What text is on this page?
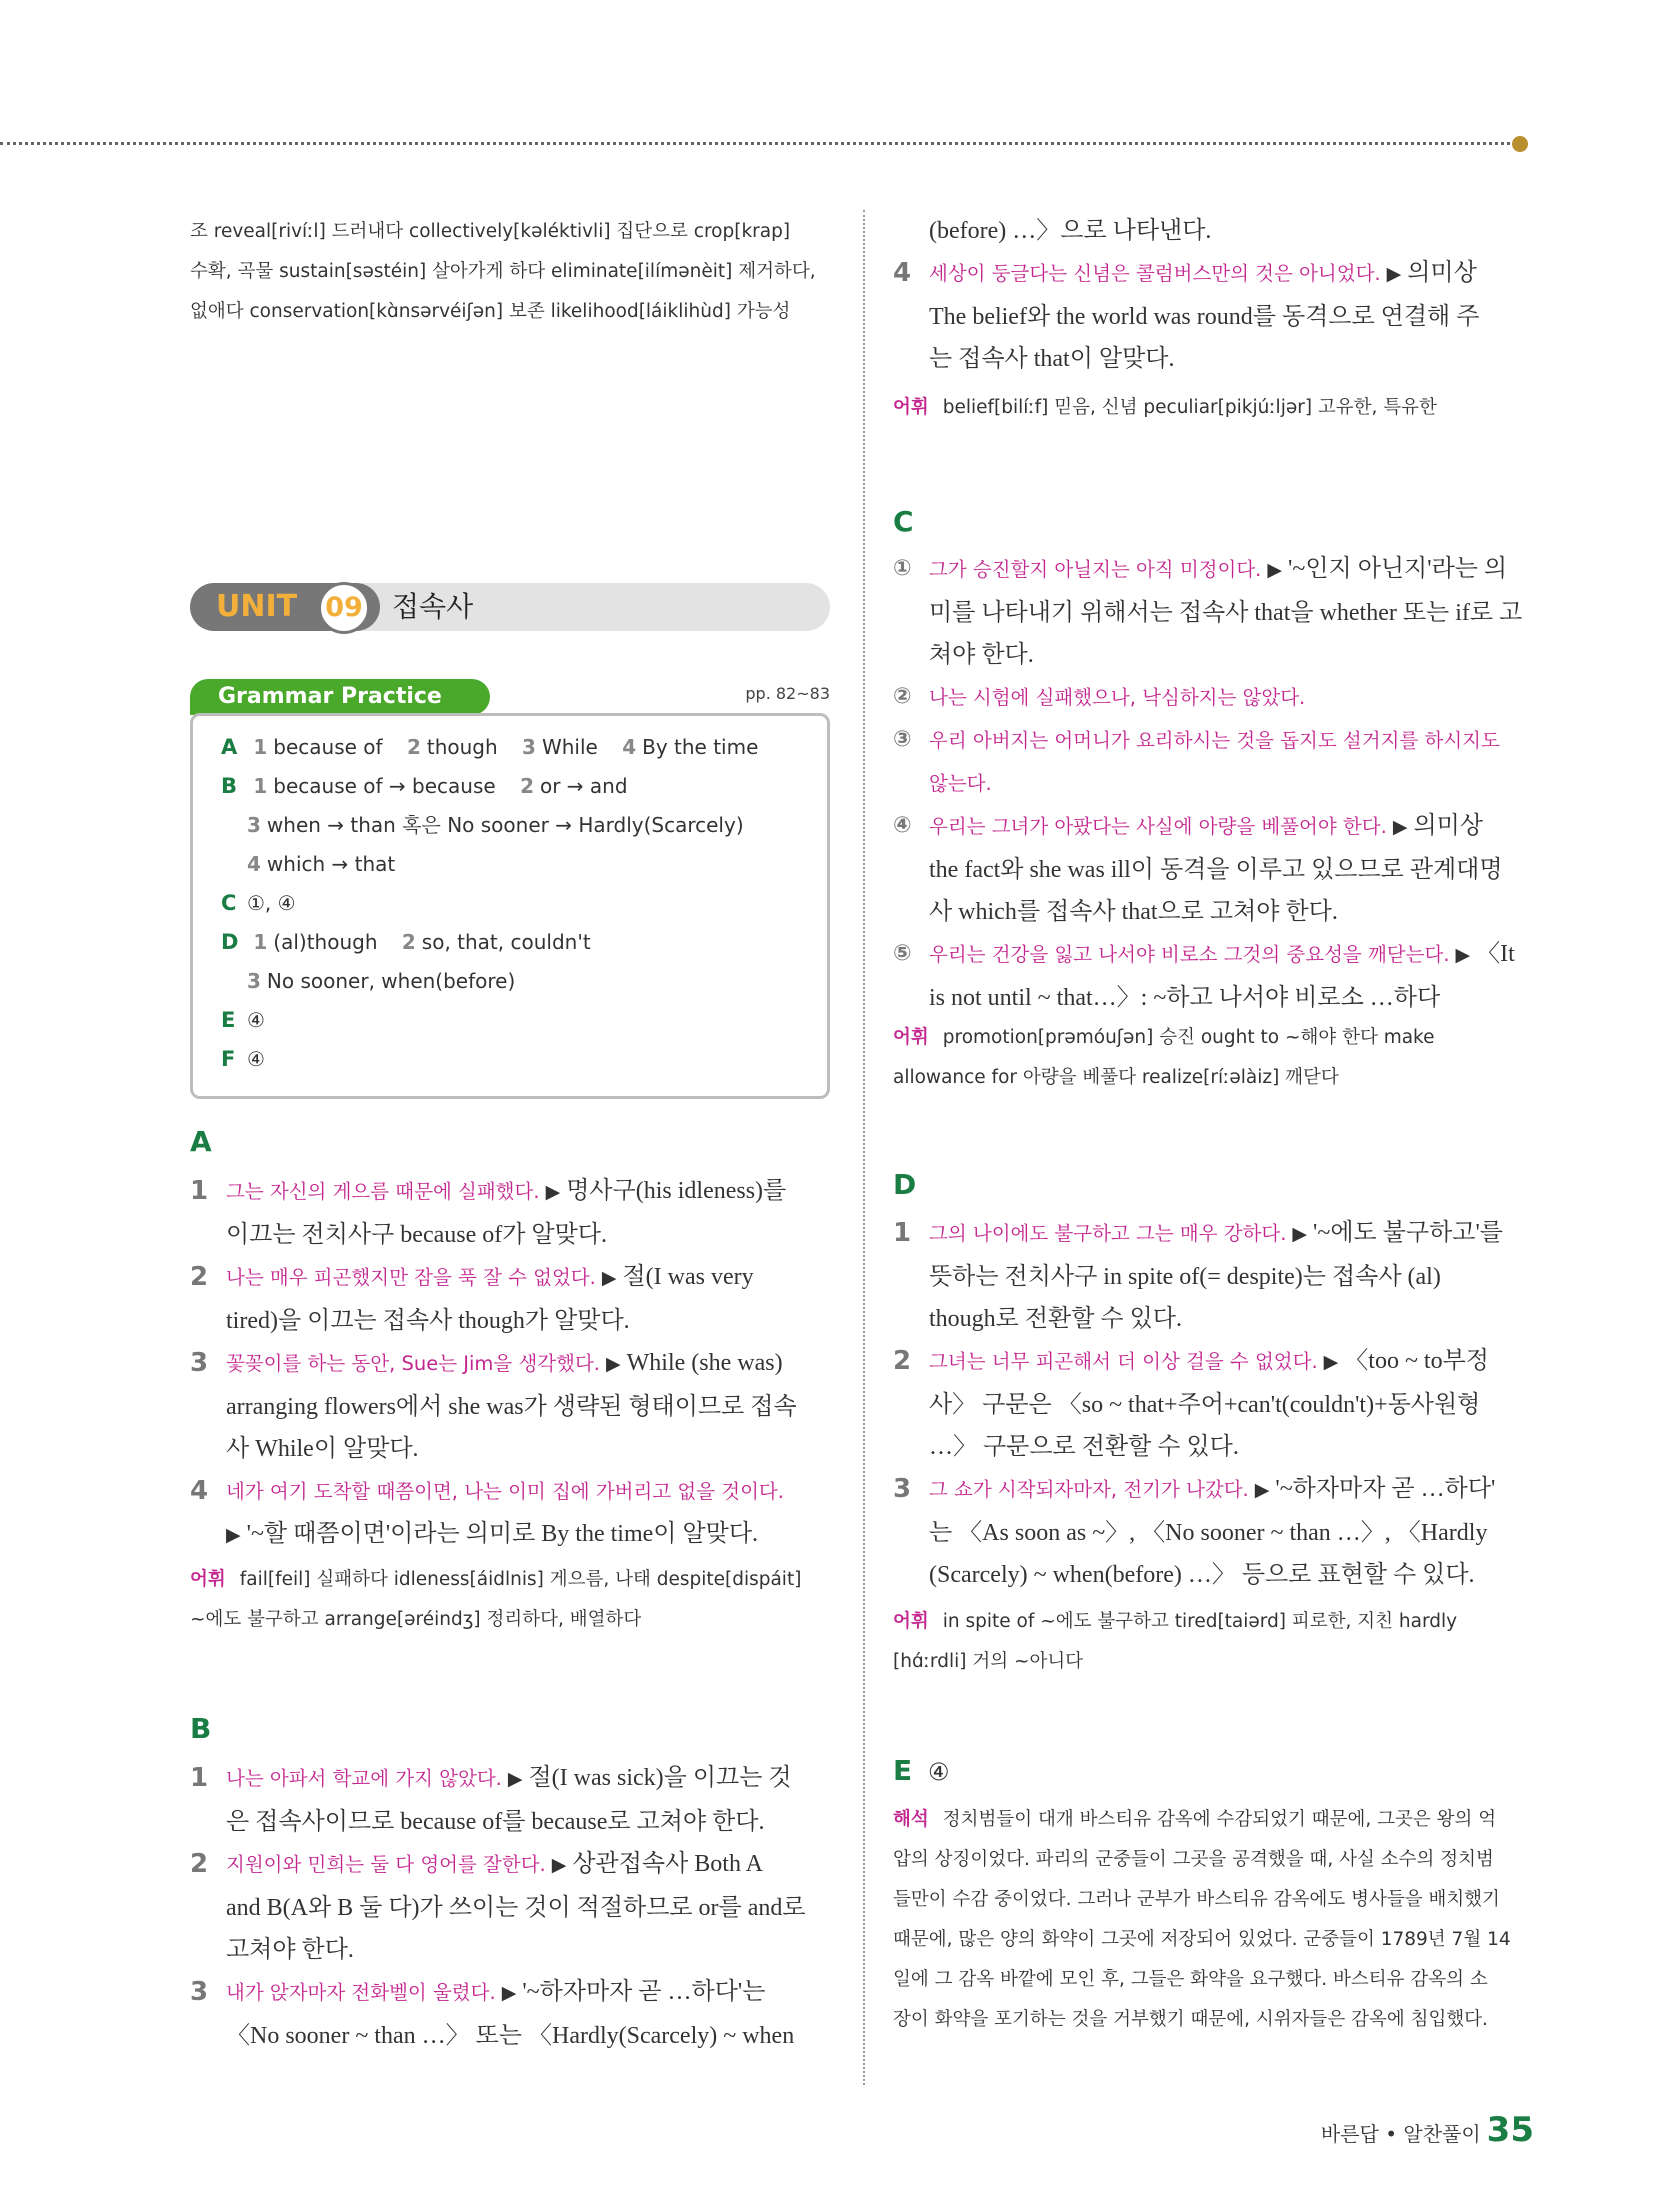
조 reveal[rivíːl] 드러내다 collectively[kəléktivli] 집단으로 crop[krap]
수확, 곡물 sustain[səstéin] 살아가게 하다 eliminate[ilímənèit] 제거하다,
없애다 conservation[kɑ̀nsərvéiʃən] 보존 likelihood[láiklihùd] 가능성
UNIT 09 접속사
Grammar Practice	pp. 82~83
A 1 because of 2 though 3 While 4 By the time
B 1 because of → because 2 or → and
3 when → than 혹은 No sooner → Hardly(Scarcely)
4 which → that
C ①, ④
D 1 (al)though 2 so, that, couldn't
3 No sooner, when(before)
E ④
F ④
A
1 그는 자신의 게으름 때문에 실패했다. ▶ 명사구(his idleness)를
이끄는 전치사구 because of가 알맞다.
2 나는 매우 피곤했지만 잠을 푹 잘 수 없었다. ▶ 절(I was very
tired)을 이끄는 접속사 though가 알맞다.
3 꽃꽂이를 하는 동안, Sue는 Jim을 생각했다. ▶ While (she was)
arranging flowers에서 she was가 생략된 형태이므로 접속
사 While이 알맞다.
4 네가 여기 도착할 때쯤이면, 나는 이미 집에 가버리고 없을 것이다.
▶ '~할 때쯤이면'이라는 의미로 By the time이 알맞다.
어휘 fail[feil] 실패하다 idleness[áidlnis] 게으름, 나태 despite[dispáit]
~에도 불구하고 arrange[əréindʒ] 정리하다, 배열하다
B
1 나는 아파서 학교에 가지 않았다. ▶ 절(I was sick)을 이끄는 것
은 접속사이므로 because of를 because로 고쳐야 한다.
2 지원이와 민희는 둘 다 영어를 잘한다. ▶ 상관접속사 Both A
and B(A와 B 둘 다)가 쓰이는 것이 적절하므로 or를 and로
고쳐야 한다.
3 내가 앉자마자 전화벨이 울렸다. ▶ '~하자마자 곧 …하다'는
〈No sooner ~ than …〉 또는 〈Hardly(Scarcely) ~ when
(before) …〉으로 나타낸다.
4 세상이 둥글다는 신념은 콜럼버스만의 것은 아니었다. ▶ 의미상
The belief와 the world was round를 동격으로 연결해 주
는 접속사 that이 알맞다.
어휘 belief[bilíːf] 믿음, 신념 peculiar[pikjúːljər] 고유한, 특유한
C
① 그가 승진할지 아닐지는 아직 미정이다. ▶ '~인지 아닌지'라는 의
미를 나타내기 위해서는 접속사 that을 whether 또는 if로 고
쳐야 한다.
② 나는 시험에 실패했으나, 낙심하지는 않았다.
③ 우리 아버지는 어머니가 요리하시는 것을 돕지도 설거지를 하시지도
않는다.
④ 우리는 그녀가 아팠다는 사실에 아량을 베풀어야 한다. ▶ 의미상
the fact와 she was ill이 동격을 이루고 있으므로 관계대명
사 which를 접속사 that으로 고쳐야 한다.
⑤ 우리는 건강을 잃고 나서야 비로소 그것의 중요성을 깨닫는다. ▶ 〈It
is not until ~ that…〉: ~하고 나서야 비로소 …하다
어휘 promotion[prəmóuʃən] 승진 ought to ~해야 한다 make
allowance for 아량을 베풀다 realize[ríːəlàiz] 깨닫다
D
1 그의 나이에도 불구하고 그는 매우 강하다. ▶ '~에도 불구하고'를
뜻하는 전치사구 in spite of(= despite)는 접속사 (al)
though로 전환할 수 있다.
2 그녀는 너무 피곤해서 더 이상 걸을 수 없었다. ▶ 〈too ~ to부정
사〉 구문은 〈so ~ that+주어+can't(couldn't)+동사원형
…〉 구문으로 전환할 수 있다.
3 그 쇼가 시작되자마자, 전기가 나갔다. ▶ '~하자마자 곧 …하다'
는 〈As soon as ~〉, 〈No sooner ~ than …〉, 〈Hardly
(Scarcely) ~ when(before) …〉 등으로 표현할 수 있다.
어휘 in spite of ~에도 불구하고 tired[taiərd] 피로한, 지친 hardly
[hɑ́ːrdli] 거의 ~아니다
E ④
해석 정치범들이 대개 바스티유 감옥에 수감되었기 때문에, 그곳은 왕의 억
압의 상징이었다. 파리의 군중들이 그곳을 공격했을 때, 사실 소수의 정치범
들만이 수감 중이었다. 그러나 군부가 바스티유 감옥에도 병사들을 배치했기
때문에, 많은 양의 화약이 그곳에 저장되어 있었다. 군중들이 1789년 7월 14
일에 그 감옥 바깥에 모인 후, 그들은 화약을 요구했다. 바스티유 감옥의 소
장이 화약을 포기하는 것을 거부했기 때문에, 시위자들은 감옥에 침입했다.
바른답 • 알찬풀이 35
